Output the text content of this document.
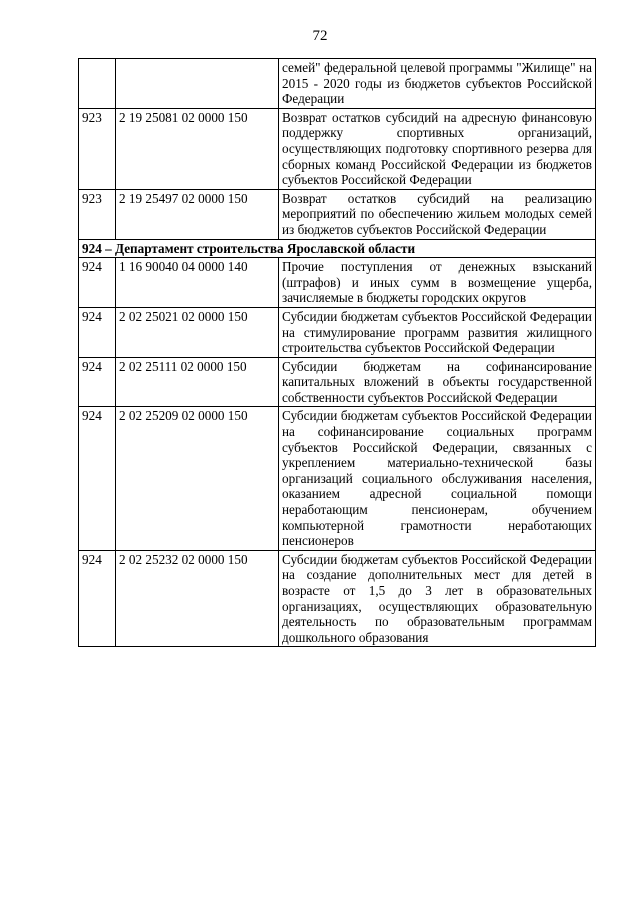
72
		семей" федеральной целевой программы "Жилище" на 2015 - 2020 годы из бюджетов субъектов Российской Федерации
923	2 19 25081 02 0000 150	Возврат остатков субсидий на адресную финансовую поддержку спортивных организаций, осуществляющих подготовку спортивного резерва для сборных команд Российской Федерации из бюджетов субъектов Российской Федерации
923	2 19 25497 02 0000 150	Возврат остатков субсидий на реализацию мероприятий по обеспечению жильем молодых семей из бюджетов субъектов Российской Федерации
924 – Департамент строительства Ярославской области		
924	1 16 90040 04 0000 140	Прочие поступления от денежных взысканий (штрафов) и иных сумм в возмещение ущерба, зачисляемые в бюджеты городских округов
924	2 02 25021 02 0000 150	Субсидии бюджетам субъектов Российской Федерации на стимулирование программ развития жилищного строительства субъектов Российской Федерации
924	2 02 25111 02 0000 150	Субсидии бюджетам на софинансирование капитальных вложений в объекты государственной собственности субъектов Российской Федерации
924	2 02 25209 02 0000 150	Субсидии бюджетам субъектов Российской Федерации на софинансирование социальных программ субъектов Российской Федерации, связанных с укреплением материально-технической базы организаций социального обслуживания населения, оказанием адресной социальной помощи неработающим пенсионерам, обучением компьютерной грамотности неработающих пенсионеров
924	2 02 25232 02 0000 150	Субсидии бюджетам субъектов Российской Федерации на создание дополнительных мест для детей в возрасте от 1,5 до 3 лет в образовательных организациях, осуществляющих образовательную деятельность по образовательным программам дошкольного образования
